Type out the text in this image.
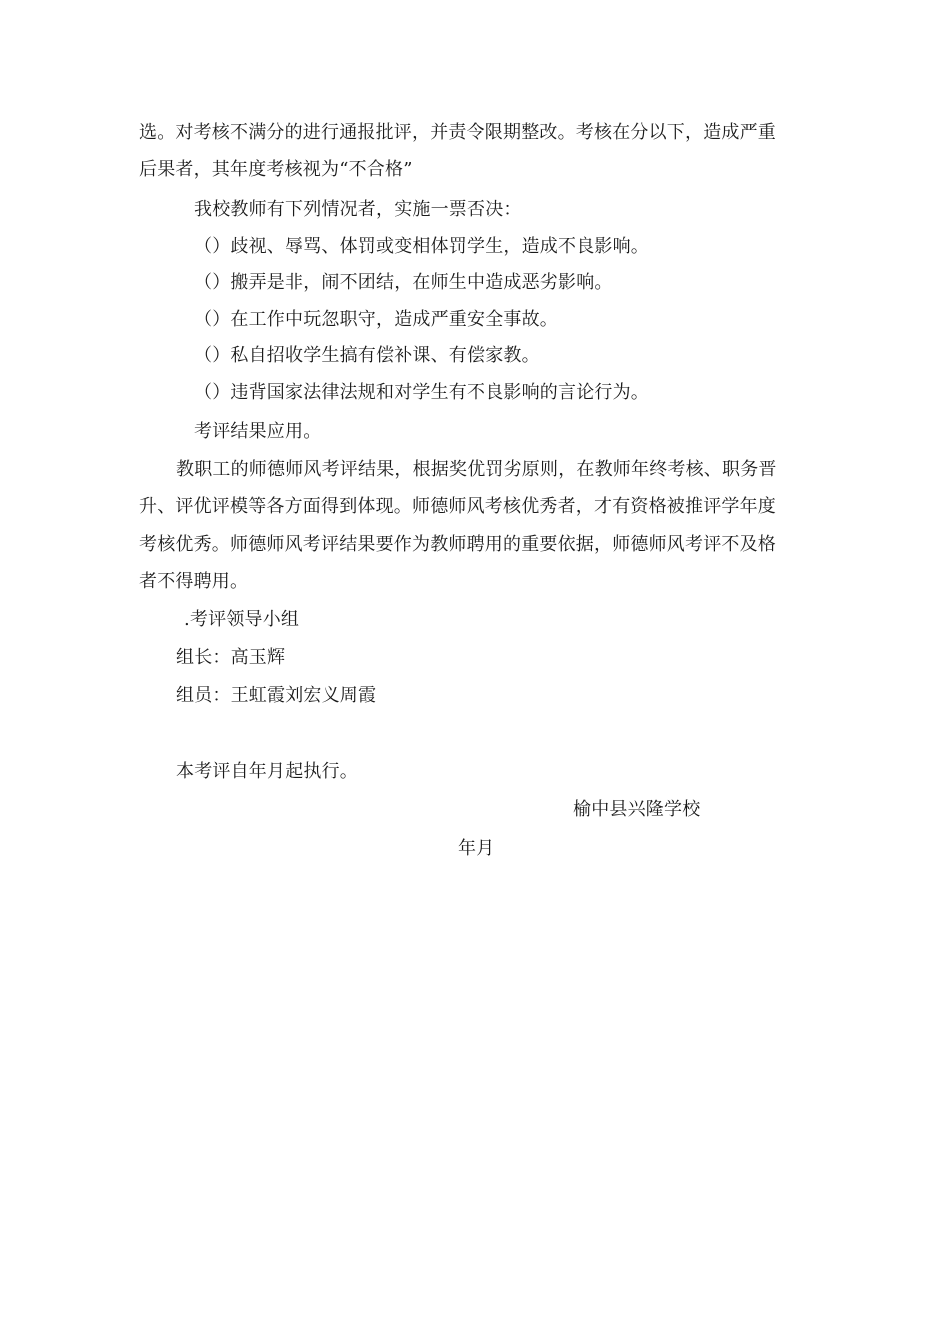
选。对考核不满分的进行通报批评，并责令限期整改。考核在分以下，造成严重
后果者，其年度考核视为“不合格”
我校教师有下列情况者，实施一票否决：
（）歧视、辱骂、体罚或变相体罚学生，造成不良影响。
（）搬弄是非，闹不团结，在师生中造成恶劣影响。
（）在工作中玩忽职守，造成严重安全事故。
（）私自招收学生搞有偿补课、有偿家教。
（）违背国家法律法规和对学生有不良影响的言论行为。
考评结果应用。
教职工的师德师风考评结果，根据奖优罚劣原则，在教师年终考核、职务晋
升、评优评模等各方面得到体现。师德师风考核优秀者，才有资格被推评学年度
考核优秀。师德师风考评结果要作为教师聘用的重要依据，师德师风考评不及格
者不得聘用。
.考评领导小组
组长：高玉辉
组员：王虹霞刘宏义周霞
本考评自年月起执行。
榆中县兴隆学校
年月
